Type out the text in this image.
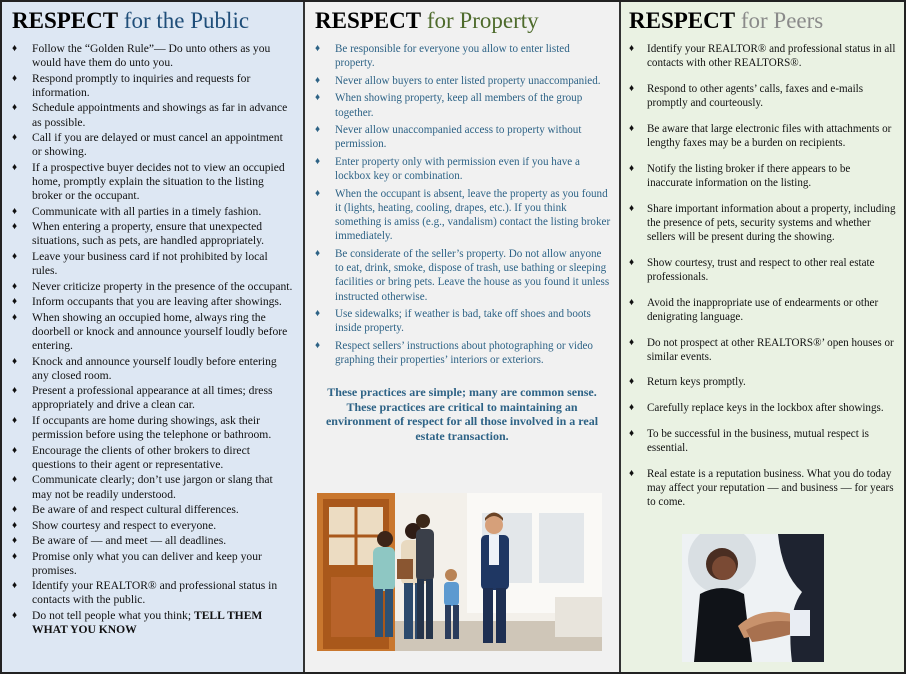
RESPECT for the Public
♦ Follow the “Golden Rule”— Do unto others as you would have them do unto you.
♦ Respond promptly to inquiries and requests for information.
♦ Schedule appointments and showings as far in advance as possible.
♦ Call if you are delayed or must cancel an appointment or showing.
♦ If a prospective buyer decides not to view an occupied home, promptly explain the situation to the listing broker or the occupant.
♦ Communicate with all parties in a timely fashion.
♦ When entering a property, ensure that unexpected situations, such as pets, are handled appropriately.
♦ Leave your business card if not prohibited by local rules.
♦ Never criticize property in the presence of the occupant.
♦ Inform occupants that you are leaving after showings.
♦ When showing an occupied home, always ring the doorbell or knock and announce yourself loudly before entering.
♦ Knock and announce yourself loudly before entering any closed room.
♦ Present a professional appearance at all times; dress appropriately and drive a clean car.
♦ If occupants are home during showings, ask their permission before using the telephone or bathroom.
♦ Encourage the clients of other brokers to direct questions to their agent or representative.
♦ Communicate clearly; don’t use jargon or slang that may not be readily understood.
♦ Be aware of and respect cultural differences.
♦ Show courtesy and respect to everyone.
♦ Be aware of — and meet — all deadlines.
♦ Promise only what you can deliver and keep your promises.
♦ Identify your REALTOR® and professional status in contacts with the public.
♦ Do not tell people what you think; TELL THEM WHAT YOU KNOW
RESPECT for Property
♦ Be responsible for everyone you allow to enter listed property.
♦ Never allow buyers to enter listed property unaccompanied.
♦ When showing property, keep all members of the group together.
♦ Never allow unaccompanied access to property without permission.
♦ Enter property only with permission even if you have a lockbox key or combination.
♦ When the occupant is absent, leave the property as you found it (lights, heating, cooling, drapes, etc.). If you think something is amiss (e.g., vandalism) contact the listing broker immediately.
♦ Be considerate of the seller’s property. Do not allow anyone to eat, drink, smoke, dispose of trash, use bathing or sleeping facilities or bring pets. Leave the house as you found it unless instructed otherwise.
♦ Use sidewalks; if weather is bad, take off shoes and boots inside property.
♦ Respect sellers’ instructions about photographing or video graphing their properties’ interiors or exteriors.
These practices are simple; many are common sense. These practices are critical to maintaining an environment of respect for all those involved in a real estate transaction.
RESPECT for Peers
♦ Identify your REALTOR® and professional status in all contacts with other REALTORS®.
♦ Respond to other agents’ calls, faxes and e-mails promptly and courteously.
♦ Be aware that large electronic files with attachments or lengthy faxes may be a burden on recipients.
♦ Notify the listing broker if there appears to be inaccurate information on the listing.
♦ Share important information about a property, including the presence of pets, security systems and whether sellers will be present during the showing.
♦ Show courtesy, trust and respect to other real estate professionals.
♦ Avoid the inappropriate use of endearments or other denigrating language.
♦ Do not prospect at other REALTORS®’ open houses or similar events.
♦ Return keys promptly.
♦ Carefully replace keys in the lockbox after showings.
♦ To be successful in the business, mutual respect is essential.
♦ Real estate is a reputation business. What you do today may affect your reputation — and business — for years to come.
